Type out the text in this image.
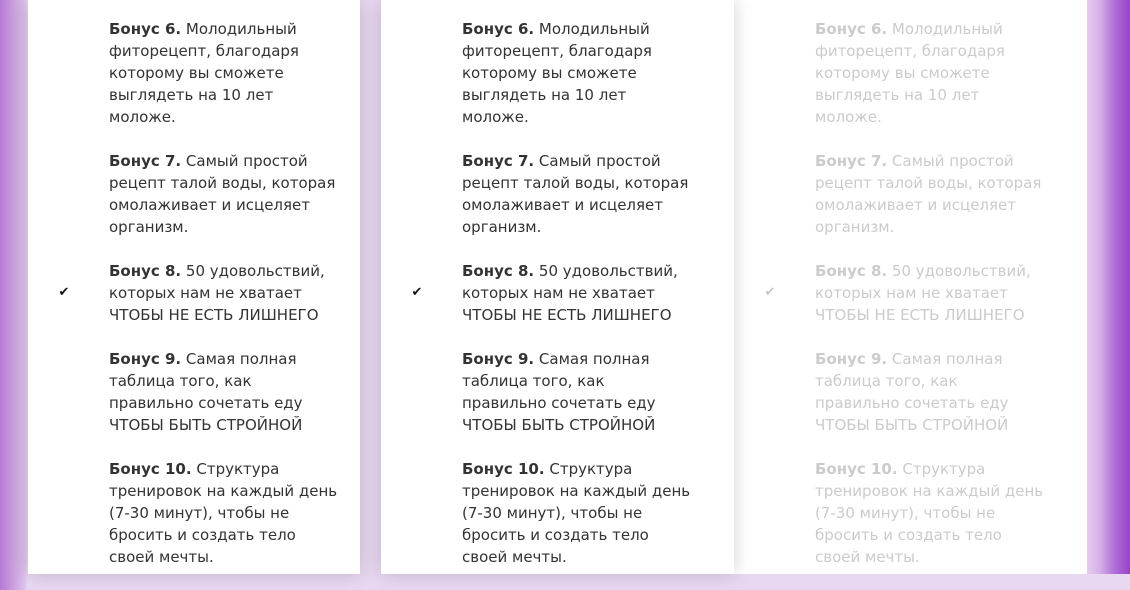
Бонус 6. Молодильный
фиторецепт, благодаря
которому вы сможете
выглядеть на 10 лет
моложе.
Бонус 7. Самый простой
рецепт талой воды, которая
омолаживает и исцеляет
организм.
✔
Бонус 8. 50 удовольствий,
которых нам не хватает
ЧТОБЫ НЕ ЕСТЬ ЛИШНЕГО
Бонус 9. Самая полная
таблица того, как
правильно сочетать еду
ЧТОБЫ БЫТЬ СТРОЙНОЙ
Бонус 10. Структура
тренировок на каждый день
(7-30 минут), чтобы не
бросить и создать тело
своей мечты.
Бонус 6. Молодильный
фиторецепт, благодаря
которому вы сможете
выглядеть на 10 лет
моложе.
Бонус 7. Самый простой
рецепт талой воды, которая
омолаживает и исцеляет
организм.
✔
Бонус 8. 50 удовольствий,
которых нам не хватает
ЧТОБЫ НЕ ЕСТЬ ЛИШНЕГО
Бонус 9. Самая полная
таблица того, как
правильно сочетать еду
ЧТОБЫ БЫТЬ СТРОЙНОЙ
Бонус 10. Структура
тренировок на каждый день
(7-30 минут), чтобы не
бросить и создать тело
своей мечты.
Бонус 6. Молодильный
фиторецепт, благодаря
которому вы сможете
выглядеть на 10 лет
моложе.
Бонус 7. Самый простой
рецепт талой воды, которая
омолаживает и исцеляет
организм.
✔
Бонус 8. 50 удовольствий,
которых нам не хватает
ЧТОБЫ НЕ ЕСТЬ ЛИШНЕГО
Бонус 9. Самая полная
таблица того, как
правильно сочетать еду
ЧТОБЫ БЫТЬ СТРОЙНОЙ
Бонус 10. Структура
тренировок на каждый день
(7-30 минут), чтобы не
бросить и создать тело
своей мечты.
